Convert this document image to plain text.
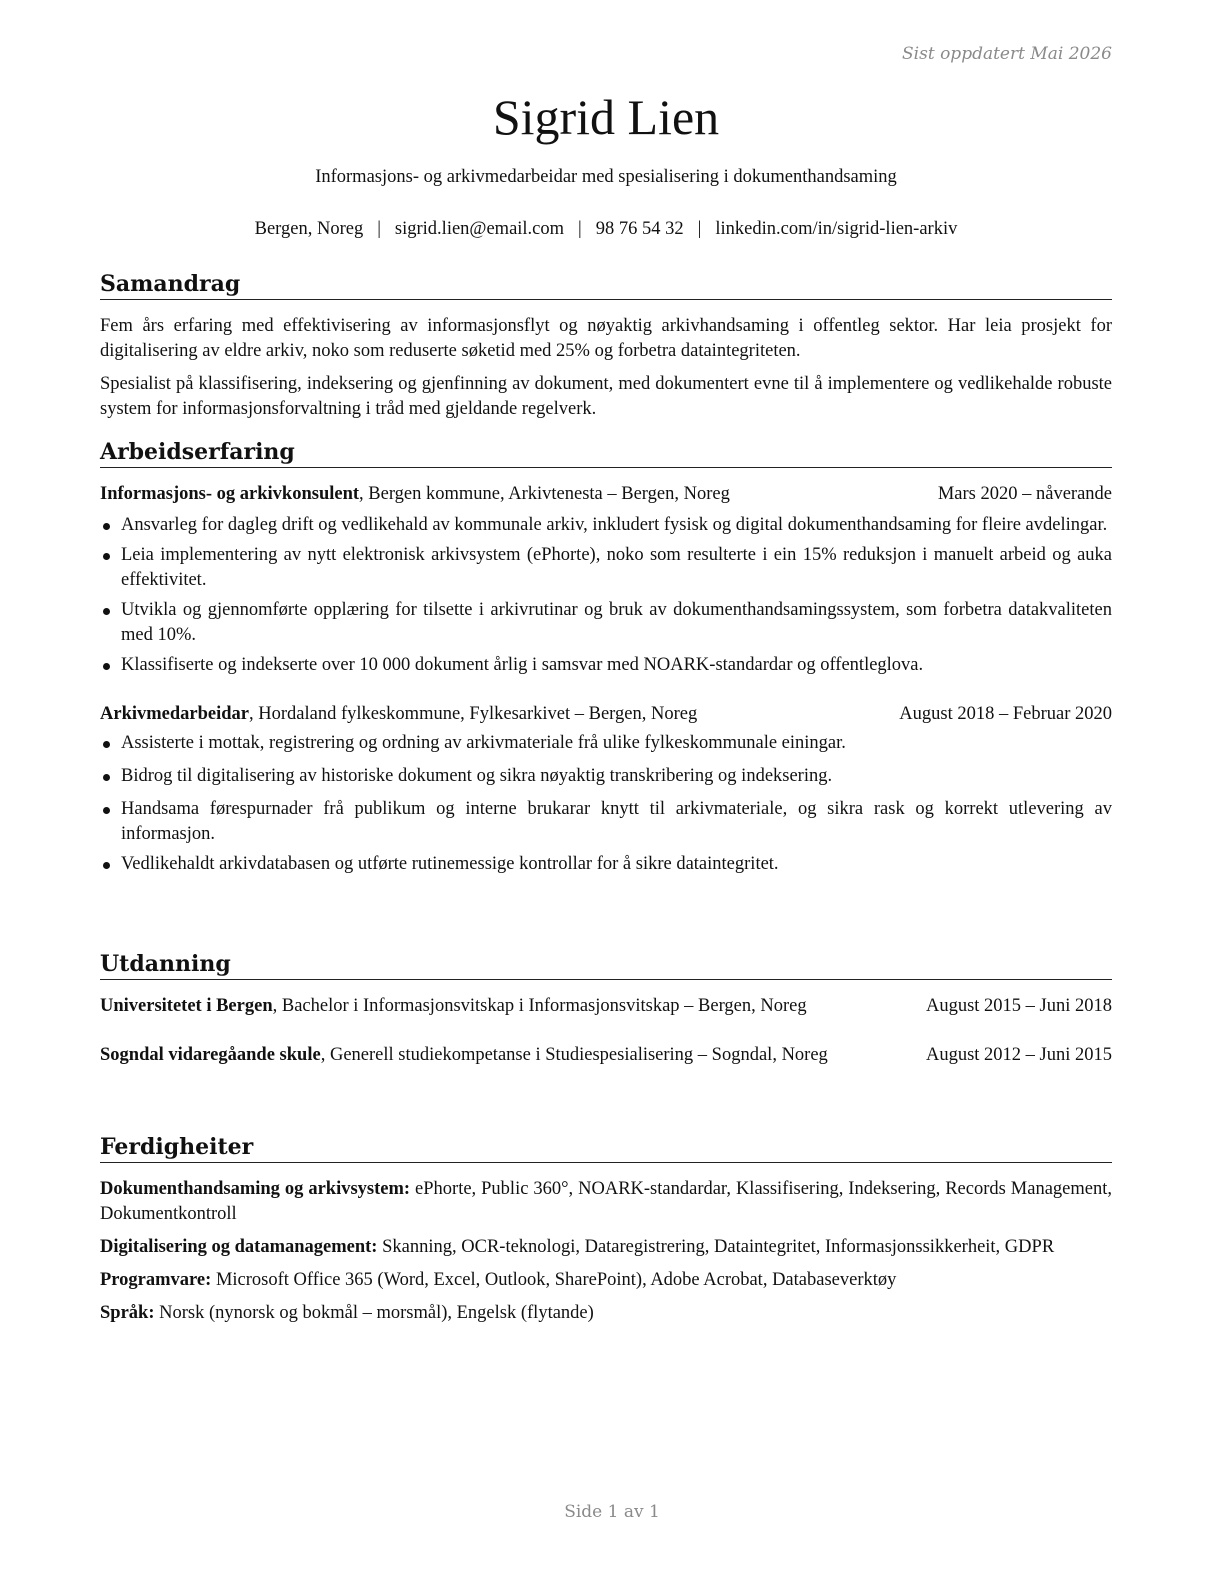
Sist oppdatert Mai 2026
Sigrid Lien
Informasjons- og arkivmedarbeidar med spesialisering i dokumenthandsaming
Bergen, Noreg | sigrid.lien@email.com | 98 76 54 32 | linkedin.com/in/sigrid-lien-arkiv
Samandrag

Fem års erfaring med effektivisering av informasjonsflyt og nøyaktig arkivhandsaming i offentleg sektor. Har leia prosjekt for digitalisering av eldre arkiv, noko som reduserte søketid med 25% og forbetra dataintegriteten.

Spesialist på klassifisering, indeksering og gjenfinning av dokument, med dokumentert evne til å implementere og vedlikehalde robuste system for informasjonsforvaltning i tråd med gjeldande regelverk.

Arbeidserfaring
Informasjons- og arkivkonsulent, Bergen kommune, Arkivtenesta – Bergen, Noreg	Mars 2020 – nåverande
Ansvarleg for dagleg drift og vedlikehald av kommunale arkiv, inkludert fysisk og digital dokumenthandsaming for fleire avdelingar.
Leia implementering av nytt elektronisk arkivsystem (ePhorte), noko som resulterte i ein 15% reduksjon i manuelt arbeid og auka effektivitet.
Utvikla og gjennomførte opplæring for tilsette i arkivrutinar og bruk av dokumenthandsamingssystem, som forbetra datakvaliteten med 10%.
Klassifiserte og indekserte over 10 000 dokument årlig i samsvar med NOARK-standardar og offentleglova.
Arkivmedarbeidar, Hordaland fylkeskommune, Fylkesarkivet – Bergen, Noreg	August 2018 – Februar 2020
Assisterte i mottak, registrering og ordning av arkivmateriale frå ulike fylkeskommunale einingar.
Bidrog til digitalisering av historiske dokument og sikra nøyaktig transkribering og indeksering.
Handsama førespurnader frå publikum og interne brukarar knytt til arkivmateriale, og sikra rask og korrekt utlevering av informasjon.
Vedlikehaldt arkivdatabasen og utførte rutinemessige kontrollar for å sikre dataintegritet.
Utdanning
Universitetet i Bergen, Bachelor i Informasjonsvitskap i Informasjonsvitskap – Bergen, Noreg	August 2015 – Juni 2018
Sogndal vidaregåande skule, Generell studiekompetanse i Studiespesialisering – Sogndal, Noreg	August 2012 – Juni 2015
Ferdigheiter

Dokumenthandsaming og arkivsystem: ePhorte, Public 360°, NOARK-standardar, Klassifisering, Indeksering, Records Management, Dokumentkontroll

Digitalisering og datamanagement: Skanning, OCR-teknologi, Dataregistrering, Dataintegritet, Informasjonssikkerheit, GDPR

Programvare: Microsoft Office 365 (Word, Excel, Outlook, SharePoint), Adobe Acrobat, Databaseverktøy

Språk: Norsk (nynorsk og bokmål – morsmål), Engelsk (flytande)

Side 1 av 1
